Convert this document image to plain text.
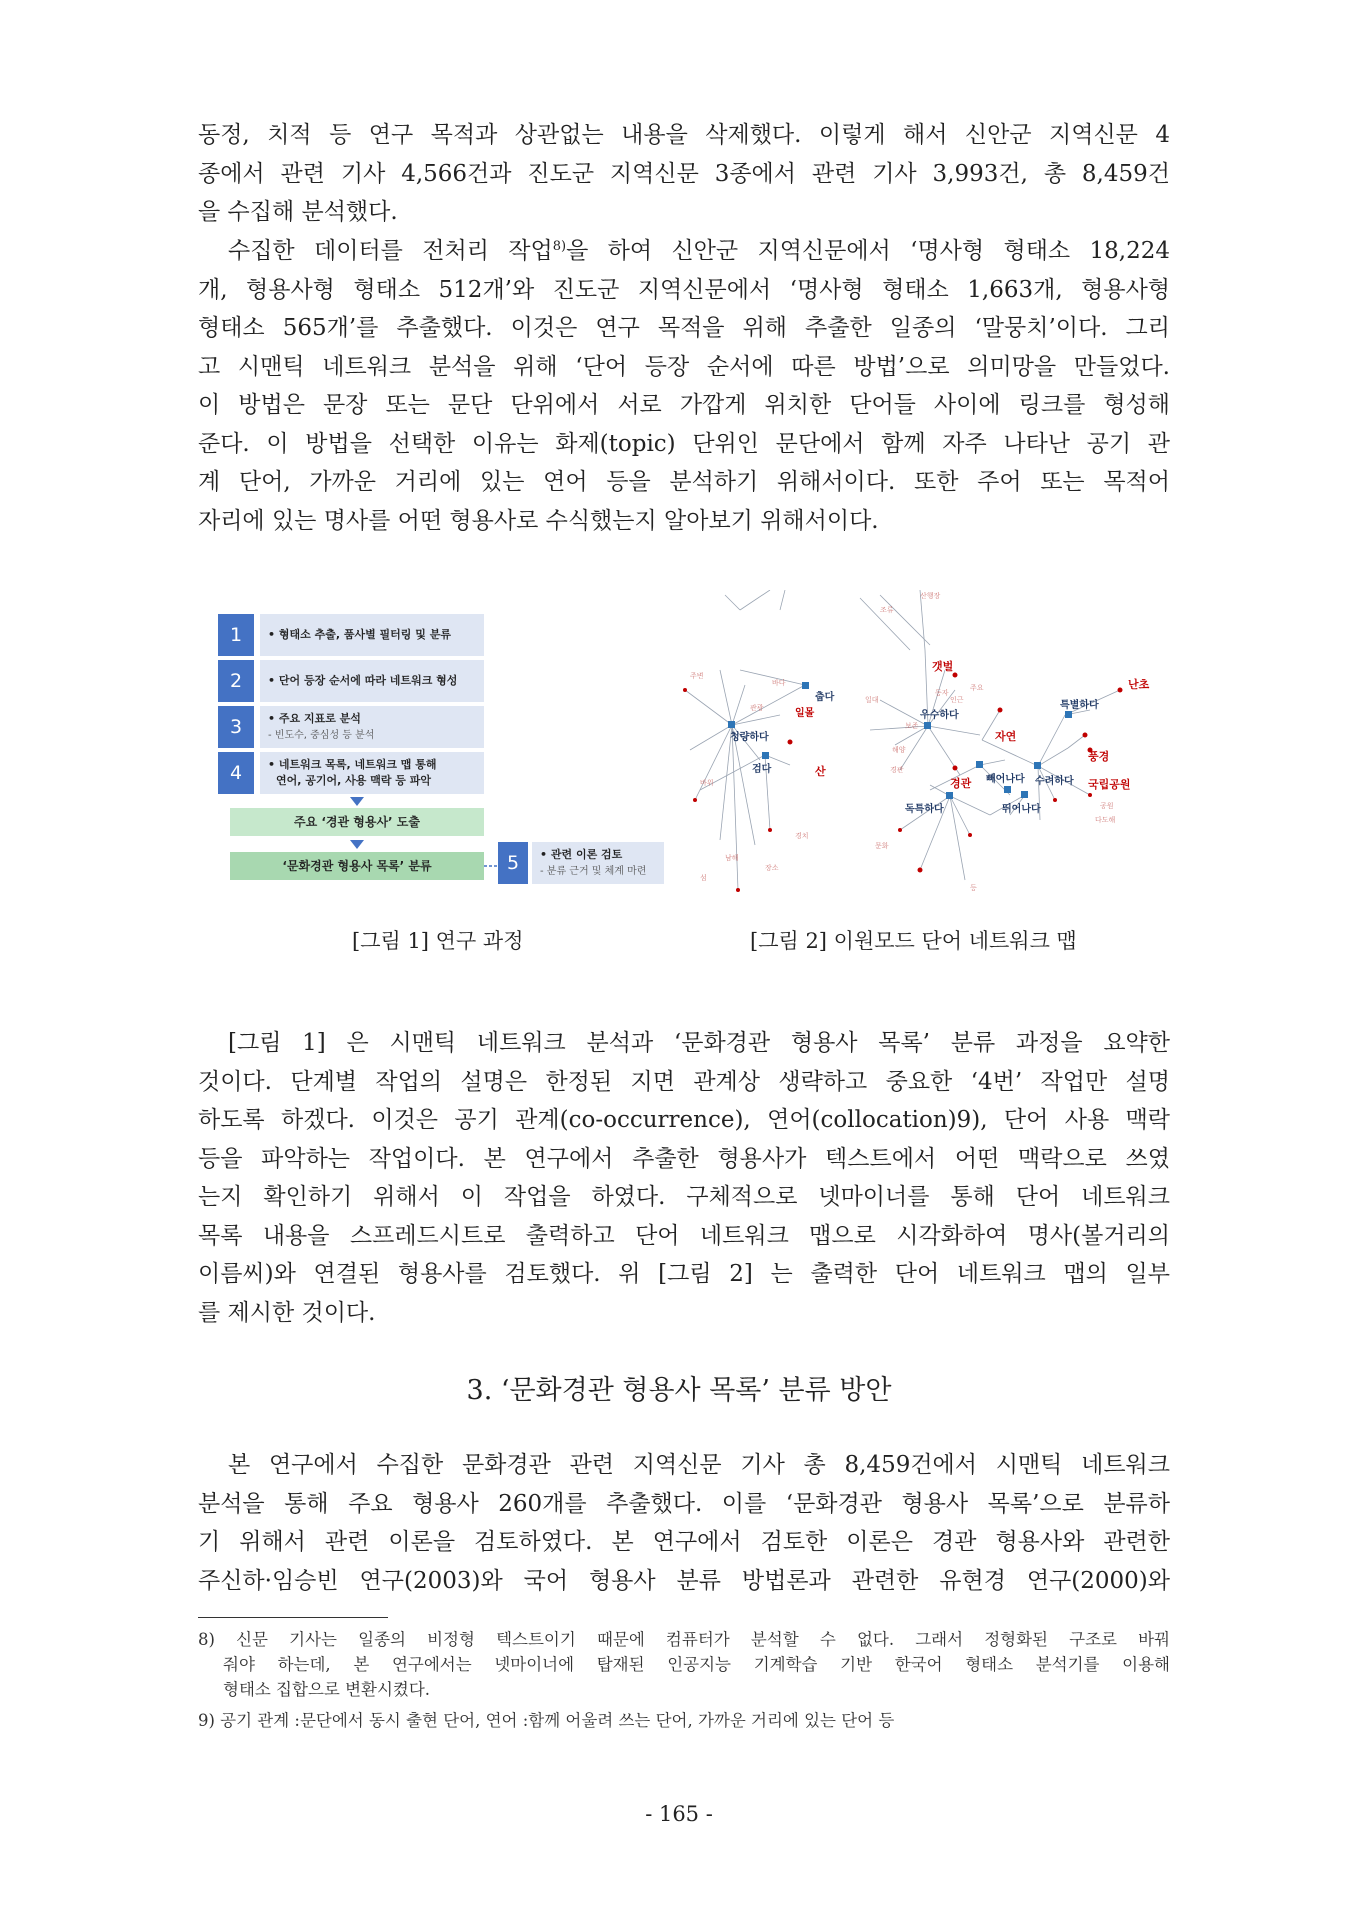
동정, 치적 등 연구 목적과 상관없는 내용을 삭제했다. 이렇게 해서 신안군 지역신문 4
종에서 관련 기사 4,566건과 진도군 지역신문 3종에서 관련 기사 3,993건, 총 8,459건
을 수집해 분석했다.
수집한 데이터를 전처리 작업$^{8)}$을 하여 신안군 지역신문에서 ‘명사형 형태소 18,224
개, 형용사형 형태소 512개’와 진도군 지역신문에서 ‘명사형 형태소 1,663개, 형용사형
형태소 565개’를 추출했다. 이것은 연구 목적을 위해 추출한 일종의 ‘말뭉치’이다. 그리
고 시맨틱 네트워크 분석을 위해 ‘단어 등장 순서에 따른 방법’으로 의미망을 만들었다.
이 방법은 문장 또는 문단 단위에서 서로 가깝게 위치한 단어들 사이에 링크를 형성해
준다. 이 방법을 선택한 이유는 화제(topic) 단위인 문단에서 함께 자주 나타난 공기 관
계 단어, 가까운 거리에 있는 연어 등을 분석하기 위해서이다. 또한 주어 또는 목적어
자리에 있는 명사를 어떤 형용사로 수식했는지 알아보기 위해서이다.
1	• 형태소 추출, 품사별 필터링 및 분류
2	• 단어 등장 순서에 따라 네트워크 형성
3	• 주요 지표로 분석
- 빈도수, 중심성 등 분석
4	• 네트워크 목록, 네트워크 맵 통해
연어, 공기어, 사용 맥락 등 파악
주요 ‘경관 형용사’ 도출
‘문화경관 형용사 목록’ 분류	5	• 관련 이론 검토
- 분류 근거 및 체계 마련
[그림 1] 연구 과정
일몰
춥다
청량하다
검다
우수하다
특별하다
독특하다
빼어나다 수려하다
뛰어나다
갯벌
난초
자연
풍경
국립공원
경관
산
산행장
주변
조류
동자
바위
일대
해양
인근
관광
주요
다도해
문화
공원
보존
경치
장소
바다
남해
경관
등
섬
[그림 2] 이원모드 단어 네트워크 맵
[그림 1] 은 시맨틱 네트워크 분석과 ‘문화경관 형용사 목록’ 분류 과정을 요약한
것이다. 단계별 작업의 설명은 한정된 지면 관계상 생략하고 중요한 ‘4번’ 작업만 설명
하도록 하겠다. 이것은 공기 관계(co-occurrence), 연어(collocation)9), 단어 사용 맥락
등을 파악하는 작업이다. 본 연구에서 추출한 형용사가 텍스트에서 어떤 맥락으로 쓰였
는지 확인하기 위해서 이 작업을 하였다. 구체적으로 넷마이너를 통해 단어 네트워크
목록 내용을 스프레드시트로 출력하고 단어 네트워크 맵으로 시각화하여 명사(볼거리의
이름씨)와 연결된 형용사를 검토했다. 위 [그림 2] 는 출력한 단어 네트워크 맵의 일부
를 제시한 것이다.
3. ‘문화경관 형용사 목록’ 분류 방안
본 연구에서 수집한 문화경관 관련 지역신문 기사 총 8,459건에서 시맨틱 네트워크
분석을 통해 주요 형용사 260개를 추출했다. 이를 ‘문화경관 형용사 목록’으로 분류하
기 위해서 관련 이론을 검토하였다. 본 연구에서 검토한 이론은 경관 형용사와 관련한
주신하·임승빈 연구(2003)와 국어 형용사 분류 방법론과 관련한 유현경 연구(2000)와
8) 신문 기사는 일종의 비정형 텍스트이기 때문에 컴퓨터가 분석할 수 없다. 그래서 정형화된 구조로 바꿔
줘야 하는데, 본 연구에서는 넷마이너에 탑재된 인공지능 기계학습 기반 한국어 형태소 분석기를 이용해
형태소 집합으로 변환시켰다.
9) 공기 관계 :문단에서 동시 출현 단어, 연어 :함께 어울려 쓰는 단어, 가까운 거리에 있는 단어 등
- 165 -
